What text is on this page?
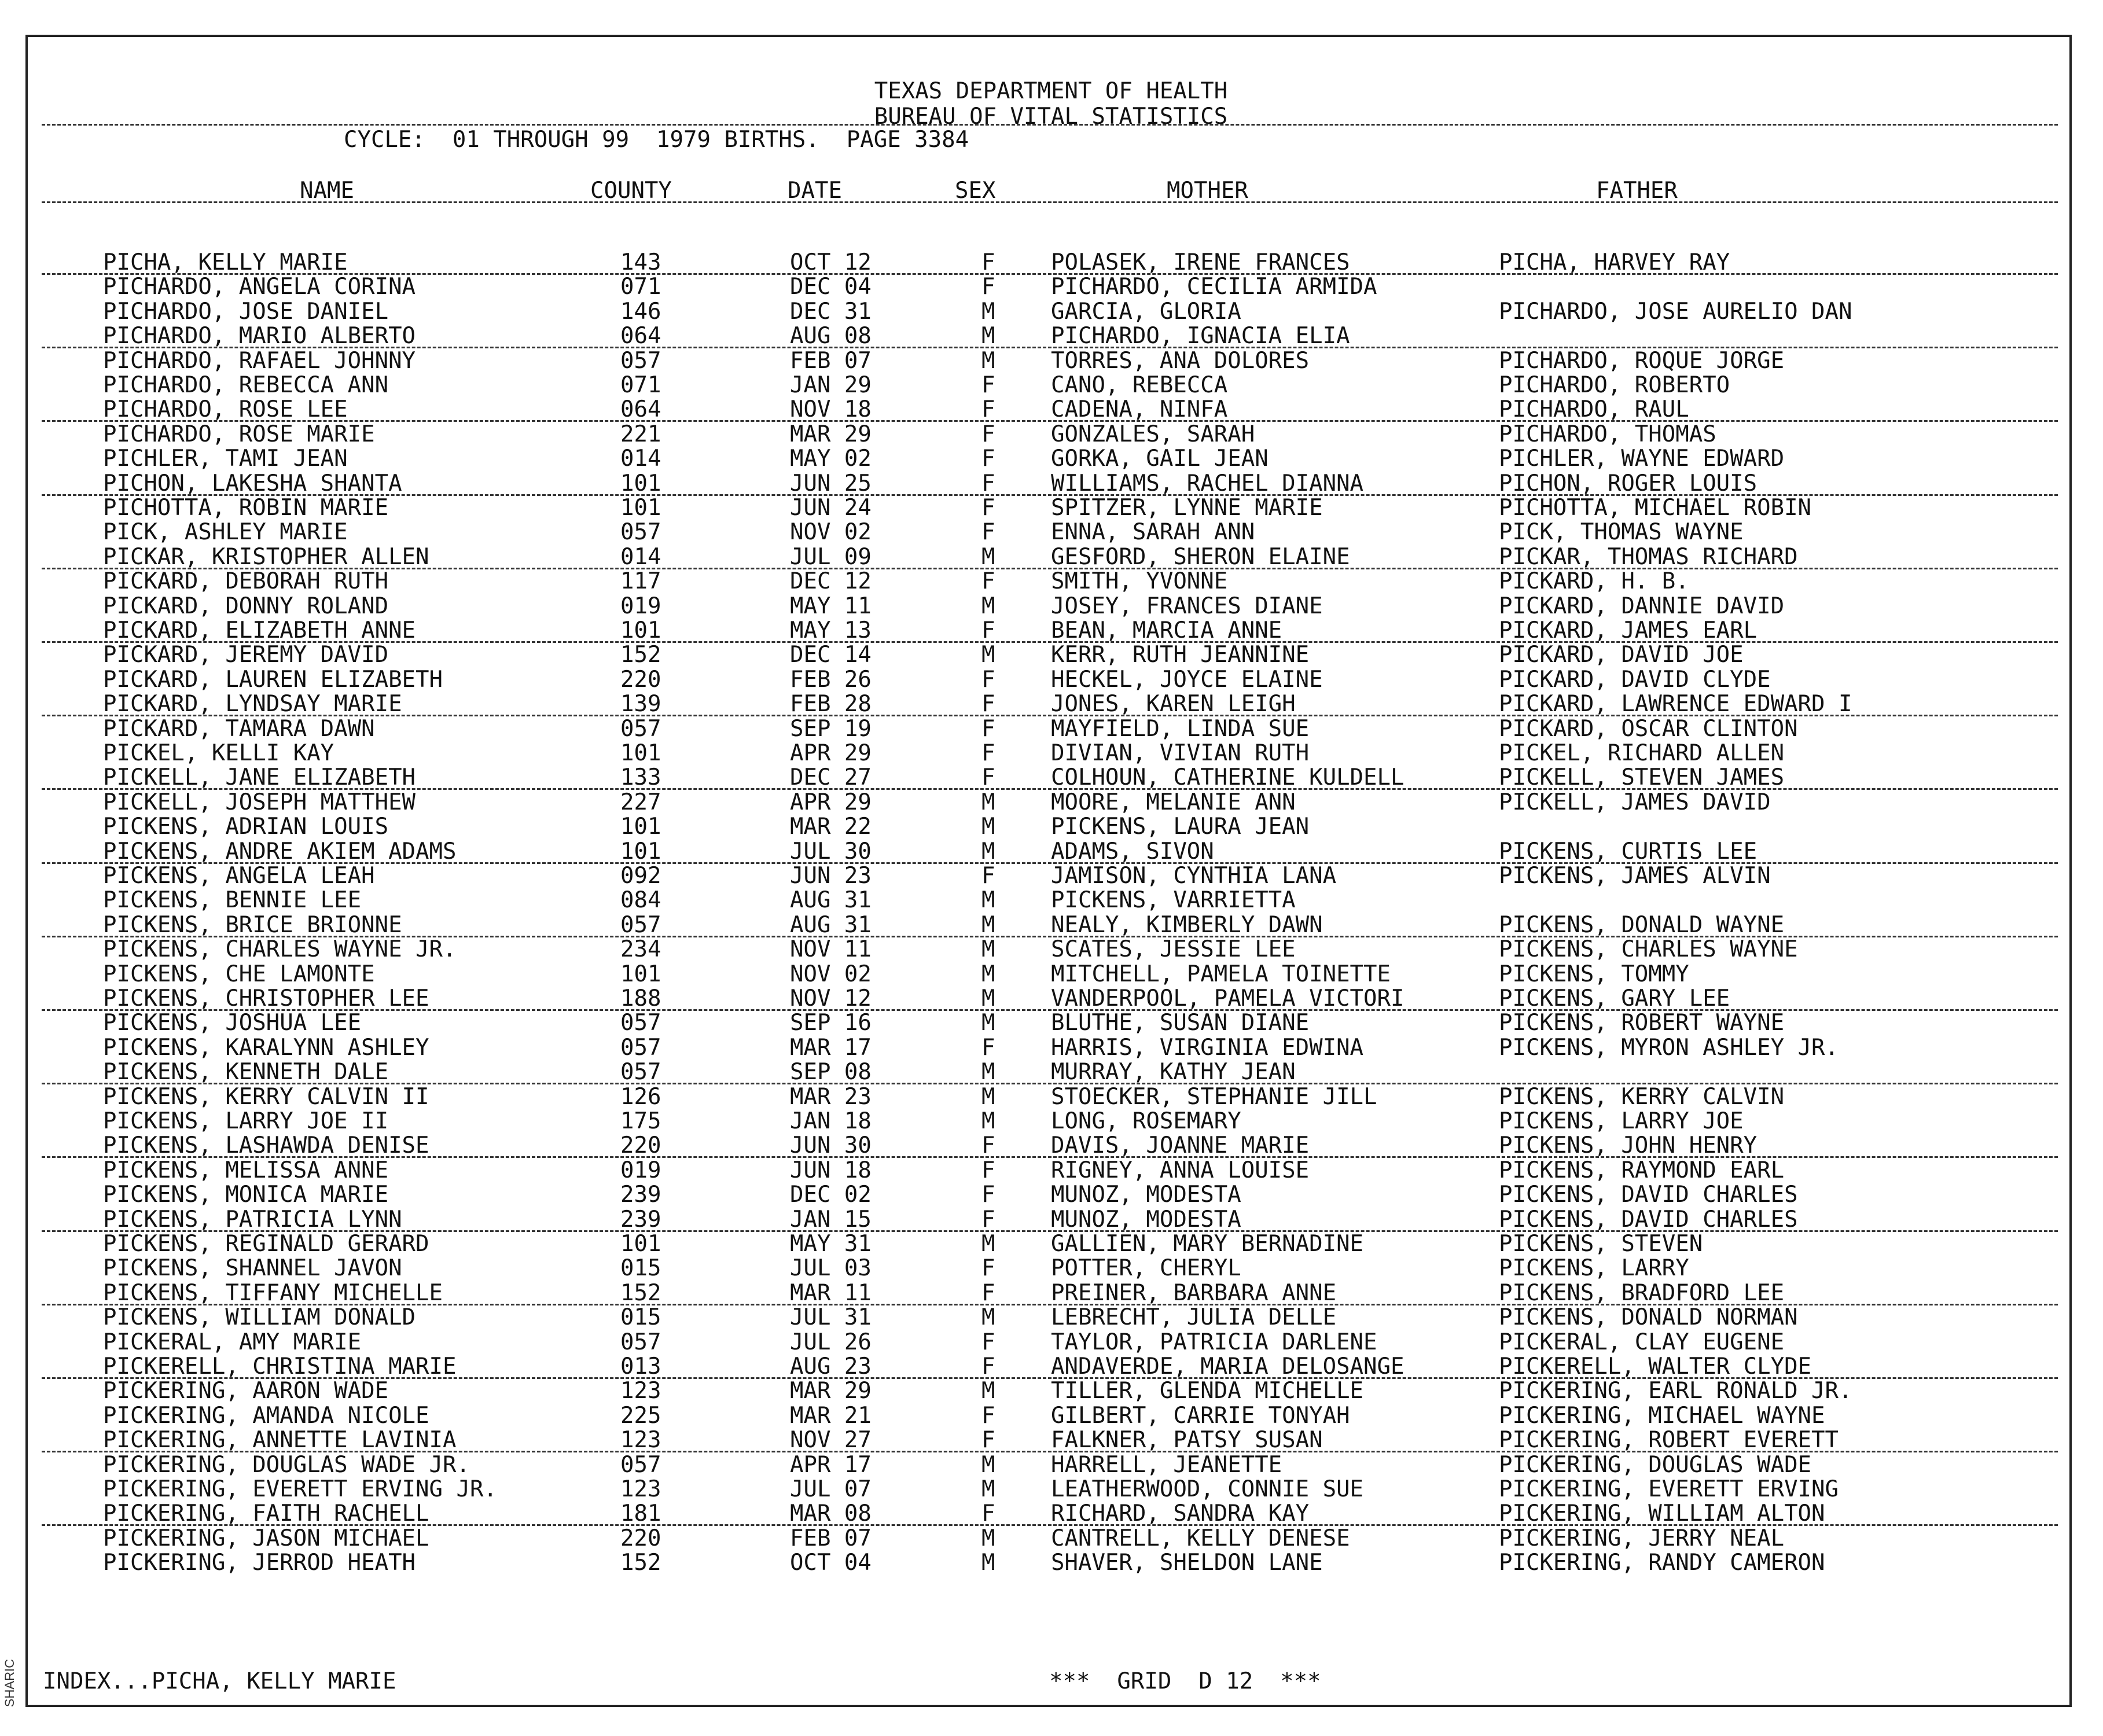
TEXAS DEPARTMENT OF HEALTH
BUREAU OF VITAL STATISTICS
CYCLE:  01 THROUGH 99  1979 BIRTHS.  PAGE 3384
NAME	COUNTY	DATE	SEX	MOTHER	FATHER
PICHA, KELLY MARIE	143	OCT 12	F POLASEK, IRENE FRANCES	PICHA, HARVEY RAY
PICHARDO, ANGELA CORINA	071	DEC 04	F PICHARDO, CECILIA ARMIDA
PICHARDO, JOSE DANIEL	146	DEC 31	M GARCIA, GLORIA	PICHARDO, JOSE AURELIO DAN
PICHARDO, MARIO ALBERTO	064	AUG 08	M PICHARDO, IGNACIA ELIA
PICHARDO, RAFAEL JOHNNY	057	FEB 07	M TORRES, ANA DOLORES	PICHARDO, ROQUE JORGE
PICHARDO, REBECCA ANN	071	JAN 29	F CANO, REBECCA	PICHARDO, ROBERTO
PICHARDO, ROSE LEE	064	NOV 18	F CADENA, NINFA	PICHARDO, RAUL
PICHARDO, ROSE MARIE	221	MAR 29	F GONZALES, SARAH	PICHARDO, THOMAS
PICHLER, TAMI JEAN	014	MAY 02	F GORKA, GAIL JEAN	PICHLER, WAYNE EDWARD
PICHON, LAKESHA SHANTA	101	JUN 25	F WILLIAMS, RACHEL DIANNA	PICHON, ROGER LOUIS
PICHOTTA, ROBIN MARIE	101	JUN 24	F SPITZER, LYNNE MARIE	PICHOTTA, MICHAEL ROBIN
PICK, ASHLEY MARIE	057	NOV 02	F ENNA, SARAH ANN	PICK, THOMAS WAYNE
PICKAR, KRISTOPHER ALLEN	014	JUL 09	M GESFORD, SHERON ELAINE	PICKAR, THOMAS RICHARD
PICKARD, DEBORAH RUTH	117	DEC 12	F SMITH, YVONNE	PICKARD, H. B.
PICKARD, DONNY ROLAND	019	MAY 11	M JOSEY, FRANCES DIANE	PICKARD, DANNIE DAVID
PICKARD, ELIZABETH ANNE	101	MAY 13	F BEAN, MARCIA ANNE	PICKARD, JAMES EARL
PICKARD, JEREMY DAVID	152	DEC 14	M KERR, RUTH JEANNINE	PICKARD, DAVID JOE
PICKARD, LAUREN ELIZABETH	220	FEB 26	F HECKEL, JOYCE ELAINE	PICKARD, DAVID CLYDE
PICKARD, LYNDSAY MARIE	139	FEB 28	F JONES, KAREN LEIGH	PICKARD, LAWRENCE EDWARD I
PICKARD, TAMARA DAWN	057	SEP 19	F MAYFIELD, LINDA SUE	PICKARD, OSCAR CLINTON
PICKEL, KELLI KAY	101	APR 29	F DIVIAN, VIVIAN RUTH	PICKEL, RICHARD ALLEN
PICKELL, JANE ELIZABETH	133	DEC 27	F COLHOUN, CATHERINE KULDELL	PICKELL, STEVEN JAMES
PICKELL, JOSEPH MATTHEW	227	APR 29	M MOORE, MELANIE ANN	PICKELL, JAMES DAVID
PICKENS, ADRIAN LOUIS	101	MAR 22	M PICKENS, LAURA JEAN
PICKENS, ANDRE AKIEM ADAMS	101	JUL 30	M ADAMS, SIVON	PICKENS, CURTIS LEE
PICKENS, ANGELA LEAH	092	JUN 23	F JAMISON, CYNTHIA LANA	PICKENS, JAMES ALVIN
PICKENS, BENNIE LEE	084	AUG 31	M PICKENS, VARRIETTA
PICKENS, BRICE BRIONNE	057	AUG 31	M NEALY, KIMBERLY DAWN	PICKENS, DONALD WAYNE
PICKENS, CHARLES WAYNE JR.	234	NOV 11	M SCATES, JESSIE LEE	PICKENS, CHARLES WAYNE
PICKENS, CHE LAMONTE	101	NOV 02	M MITCHELL, PAMELA TOINETTE	PICKENS, TOMMY
PICKENS, CHRISTOPHER LEE	188	NOV 12	M VANDERPOOL, PAMELA VICTORI	PICKENS, GARY LEE
PICKENS, JOSHUA LEE	057	SEP 16	M BLUTHE, SUSAN DIANE	PICKENS, ROBERT WAYNE
PICKENS, KARALYNN ASHLEY	057	MAR 17	F HARRIS, VIRGINIA EDWINA	PICKENS, MYRON ASHLEY JR.
PICKENS, KENNETH DALE	057	SEP 08	M MURRAY, KATHY JEAN
PICKENS, KERRY CALVIN II	126	MAR 23	M STOECKER, STEPHANIE JILL	PICKENS, KERRY CALVIN
PICKENS, LARRY JOE II	175	JAN 18	M LONG, ROSEMARY	PICKENS, LARRY JOE
PICKENS, LASHAWDA DENISE	220	JUN 30	F DAVIS, JOANNE MARIE	PICKENS, JOHN HENRY
PICKENS, MELISSA ANNE	019	JUN 18	F RIGNEY, ANNA LOUISE	PICKENS, RAYMOND EARL
PICKENS, MONICA MARIE	239	DEC 02	F MUNOZ, MODESTA	PICKENS, DAVID CHARLES
PICKENS, PATRICIA LYNN	239	JAN 15	F MUNOZ, MODESTA	PICKENS, DAVID CHARLES
PICKENS, REGINALD GERARD	101	MAY 31	M GALLIEN, MARY BERNADINE	PICKENS, STEVEN
PICKENS, SHANNEL JAVON	015	JUL 03	F POTTER, CHERYL	PICKENS, LARRY
PICKENS, TIFFANY MICHELLE	152	MAR 11	F PREINER, BARBARA ANNE	PICKENS, BRADFORD LEE
PICKENS, WILLIAM DONALD	015	JUL 31	M LEBRECHT, JULIA DELLE	PICKENS, DONALD NORMAN
PICKERAL, AMY MARIE	057	JUL 26	F TAYLOR, PATRICIA DARLENE	PICKERAL, CLAY EUGENE
PICKERELL, CHRISTINA MARIE	013	AUG 23	F ANDAVERDE, MARIA DELOSANGE	PICKERELL, WALTER CLYDE
PICKERING, AARON WADE	123	MAR 29	M TILLER, GLENDA MICHELLE	PICKERING, EARL RONALD JR.
PICKERING, AMANDA NICOLE	225	MAR 21	F GILBERT, CARRIE TONYAH	PICKERING, MICHAEL WAYNE
PICKERING, ANNETTE LAVINIA	123	NOV 27	F FALKNER, PATSY SUSAN	PICKERING, ROBERT EVERETT
PICKERING, DOUGLAS WADE JR.	057	APR 17	M HARRELL, JEANETTE	PICKERING, DOUGLAS WADE
PICKERING, EVERETT ERVING JR.	123	JUL 07	M LEATHERWOOD, CONNIE SUE	PICKERING, EVERETT ERVING
PICKERING, FAITH RACHELL	181	MAR 08	F RICHARD, SANDRA KAY	PICKERING, WILLIAM ALTON
PICKERING, JASON MICHAEL	220	FEB 07	M CANTRELL, KELLY DENESE	PICKERING, JERRY NEAL
PICKERING, JERROD HEATH	152	OCT 04	M SHAVER, SHELDON LANE	PICKERING, RANDY CAMERON
INDEX...PICHA, KELLY MARIE	***  GRID  D 12  ***
SHARIC
